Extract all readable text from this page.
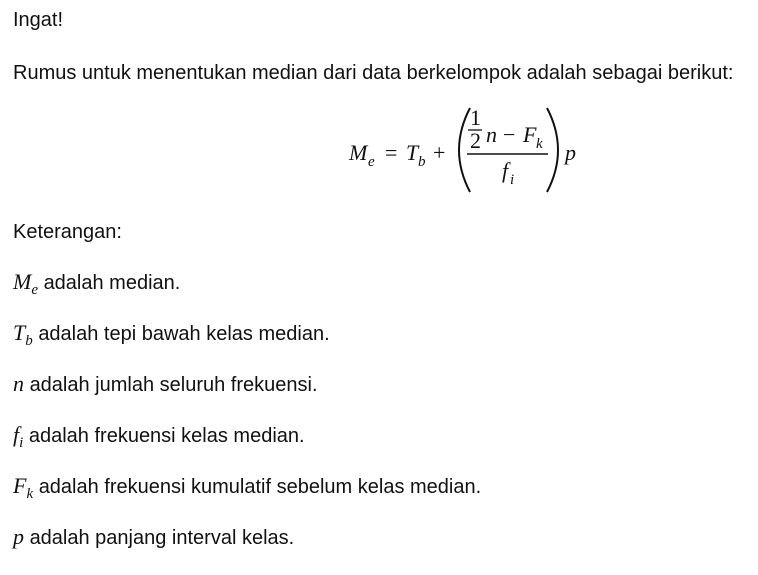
Ingat!
Rumus untuk menentukan median dari data berkelompok adalah sebagai berikut:
M e = T b +
1
2 n − F k
f i
p
Keterangan:
$M_e$ adalah median.
$T_b$ adalah tepi bawah kelas median.
n adalah jumlah seluruh frekuensi.
$f_i$ adalah frekuensi kelas median.
$F_k$ adalah frekuensi kumulatif sebelum kelas median.
p adalah panjang interval kelas.
